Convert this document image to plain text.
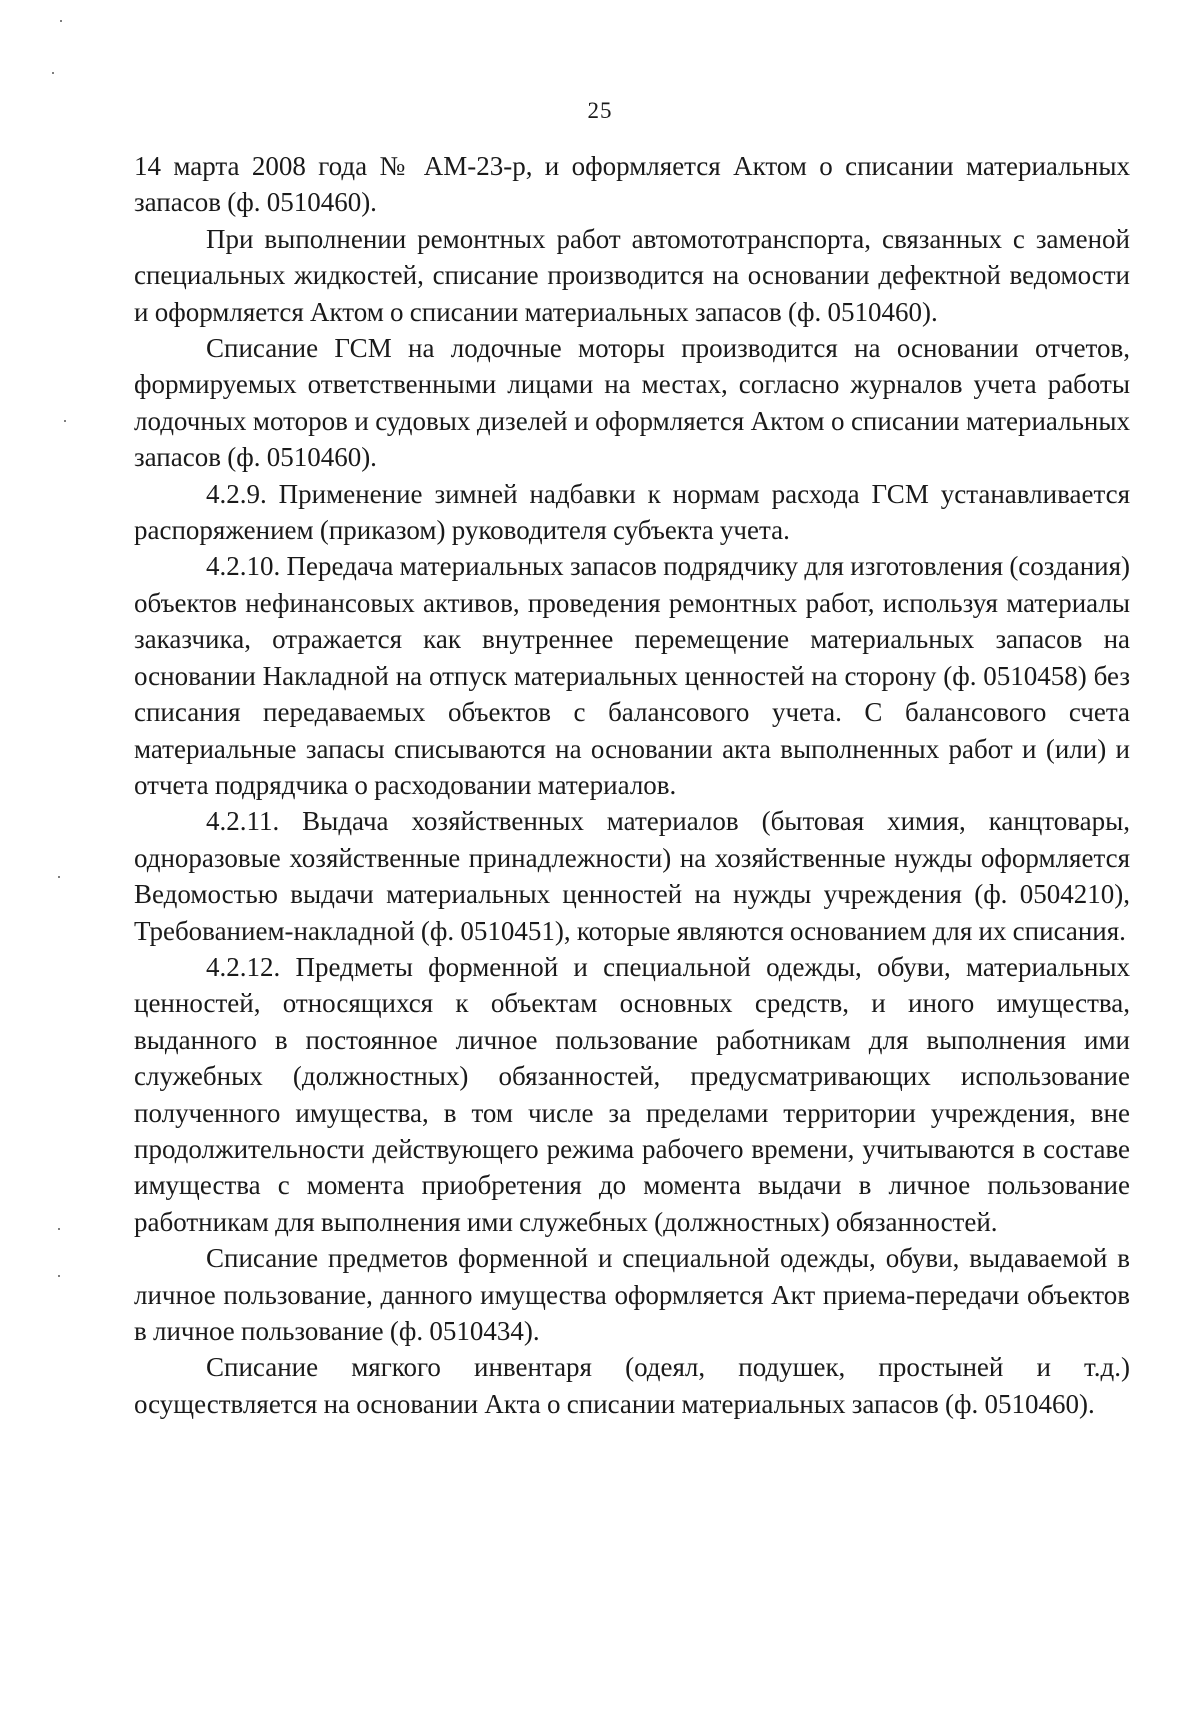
25

14 марта 2008 года № АМ-23-р, и оформляется Актом о списании материальных запасов (ф. 0510460).

При выполнении ремонтных работ автомототранспорта, связанных с заменой специальных жидкостей, списание производится на основании дефектной ведомости и оформляется Актом о списании материальных запасов (ф. 0510460).

Списание ГСМ на лодочные моторы производится на основании отчетов, формируемых ответственными лицами на местах, согласно журналов учета работы лодочных моторов и судовых дизелей и оформляется Актом о списании материальных запасов (ф. 0510460).

4.2.9. Применение зимней надбавки к нормам расхода ГСМ устанавливается распоряжением (приказом) руководителя субъекта учета.

4.2.10. Передача материальных запасов подрядчику для изготовления (создания) объектов нефинансовых активов, проведения ремонтных работ, используя материалы заказчика, отражается как внутреннее перемещение материальных запасов на основании Накладной на отпуск материальных ценностей на сторону (ф. 0510458) без списания передаваемых объектов с балансового учета. С балансового счета материальные запасы списываются на основании акта выполненных работ и (или) и отчета подрядчика о расходовании материалов.

4.2.11. Выдача хозяйственных материалов (бытовая химия, канцтовары, одноразовые хозяйственные принадлежности) на хозяйственные нужды оформляется Ведомостью выдачи материальных ценностей на нужды учреждения (ф. 0504210), Требованием-накладной (ф. 0510451), которые являются основанием для их списания.

4.2.12. Предметы форменной и специальной одежды, обуви, материальных ценностей, относящихся к объектам основных средств, и иного имущества, выданного в постоянное личное пользование работникам для выполнения ими служебных (должностных) обязанностей, предусматривающих использование полученного имущества, в том числе за пределами территории учреждения, вне продолжительности действующего режима рабочего времени, учитываются в составе имущества с момента приобретения до момента выдачи в личное пользование работникам для выполнения ими служебных (должностных) обязанностей.

Списание предметов форменной и специальной одежды, обуви, выдаваемой в личное пользование, данного имущества оформляется Акт приема-передачи объектов в личное пользование (ф. 0510434).

Списание мягкого инвентаря (одеял, подушек, простыней и т.д.) осуществляется на основании Акта о списании материальных запасов (ф. 0510460).
